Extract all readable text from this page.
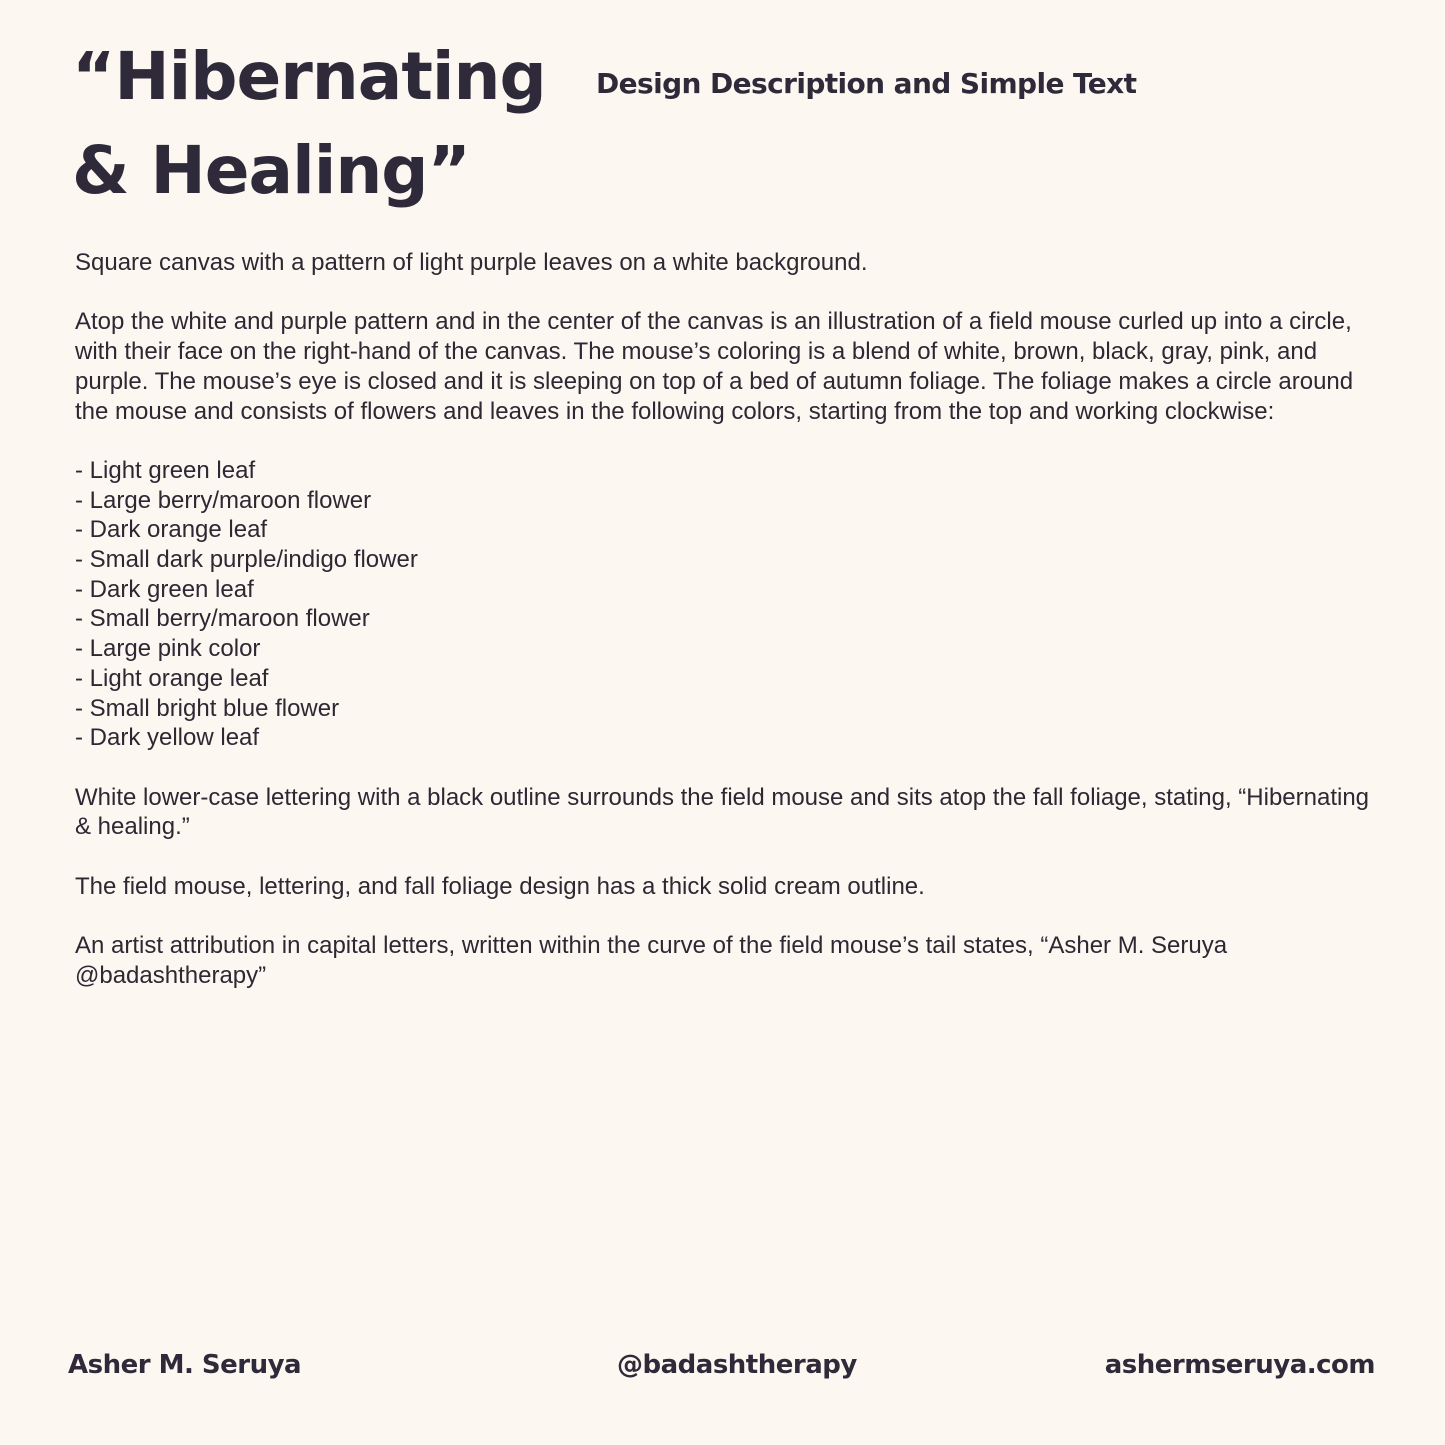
“Hibernating & Healing”
Design Description and Simple Text

Square canvas with a pattern of light purple leaves on a white background.

Atop the white and purple pattern and in the center of the canvas is an illustration of a field mouse curled up into a circle, with their face on the right-hand of the canvas. The mouse’s coloring is a blend of white, brown, black, gray, pink, and purple. The mouse’s eye is closed and it is sleeping on top of a bed of autumn foliage. The foliage makes a circle around the mouse and consists of flowers and leaves in the following colors, starting from the top and working clockwise:

- Light green leaf
- Large berry/maroon flower
- Dark orange leaf
- Small dark purple/indigo flower
- Dark green leaf
- Small berry/maroon flower
- Large pink color
- Light orange leaf
- Small bright blue flower
- Dark yellow leaf

White lower-case lettering with a black outline surrounds the field mouse and sits atop the fall foliage, stating, “Hibernating & healing.”

The field mouse, lettering, and fall foliage design has a thick solid cream outline.

An artist attribution in capital letters, written within the curve of the field mouse’s tail states, “Asher M. Seruya @badashtherapy”

Asher M. Seruya	@badashtherapy	ashermseruya.com
